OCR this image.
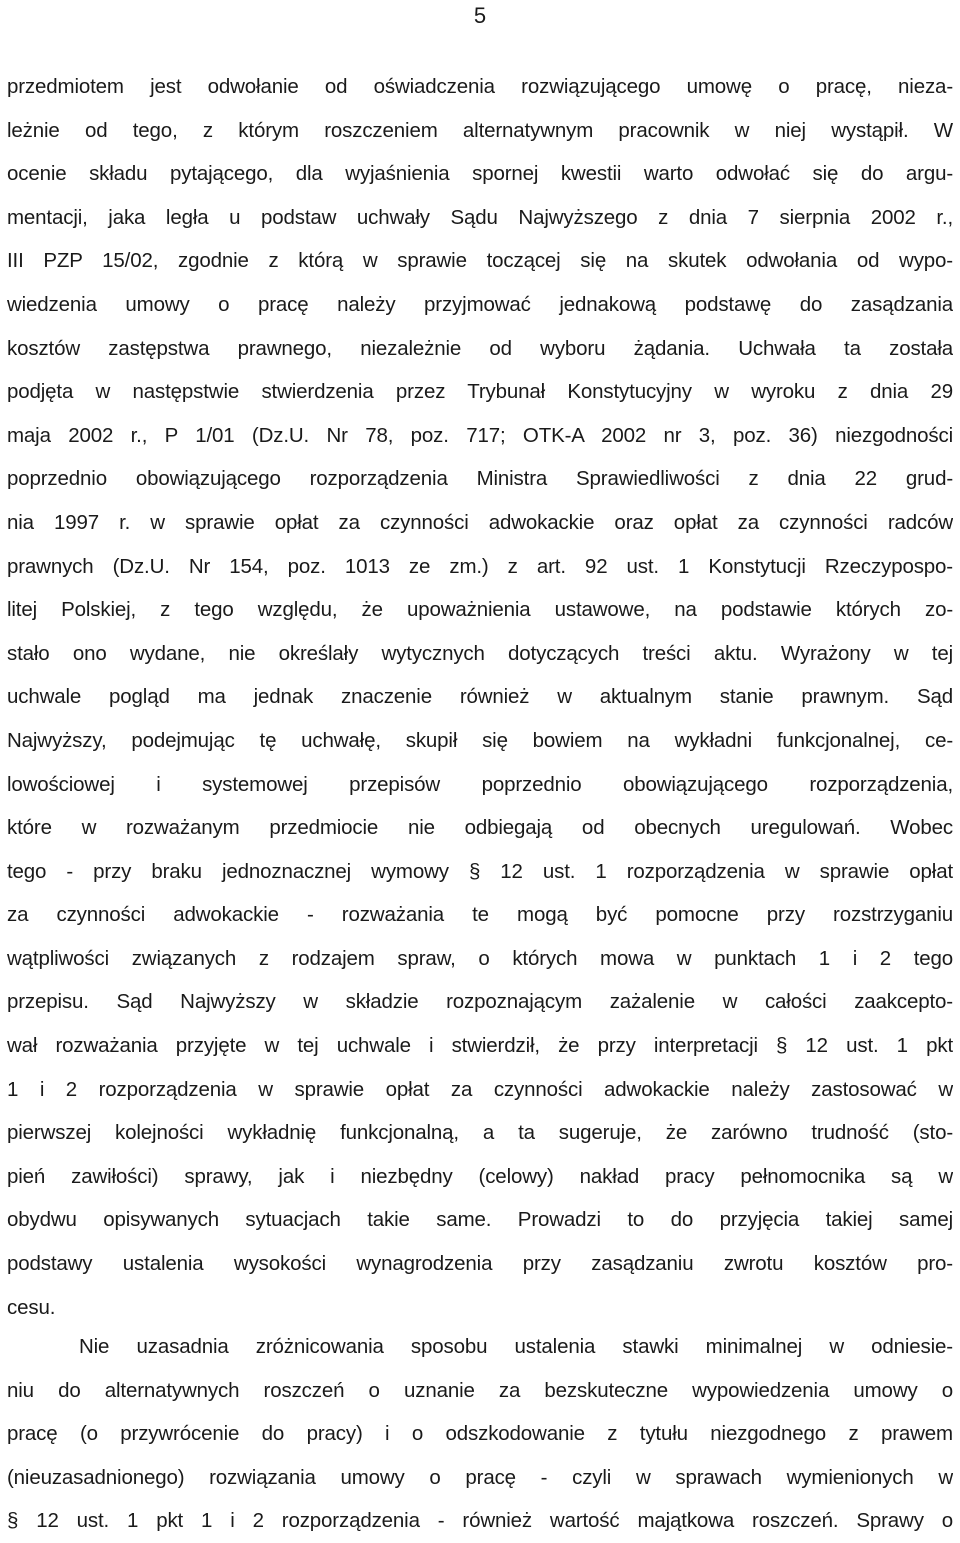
5
przedmiotem jest odwołanie od oświadczenia rozwiązującego umowę o pracę, nieza-
leżnie od tego, z którym roszczeniem alternatywnym pracownik w niej wystąpił. W
ocenie składu pytającego, dla wyjaśnienia spornej kwestii warto odwołać się do argu-
mentacji, jaka legła u podstaw uchwały Sądu Najwyższego z dnia 7 sierpnia 2002 r.,
III PZP 15/02, zgodnie z którą w sprawie toczącej się na skutek odwołania od wypo-
wiedzenia umowy o pracę należy przyjmować jednakową podstawę do zasądzania
kosztów zastępstwa prawnego, niezależnie od wyboru żądania. Uchwała ta została
podjęta w następstwie stwierdzenia przez Trybunał Konstytucyjny w wyroku z dnia 29
maja 2002 r., P 1/01 (Dz.U. Nr 78, poz. 717; OTK-A 2002 nr 3, poz. 36) niezgodności
poprzednio obowiązującego rozporządzenia Ministra Sprawiedliwości z dnia 22 grud-
nia 1997 r. w sprawie opłat za czynności adwokackie oraz opłat za czynności radców
prawnych (Dz.U. Nr 154, poz. 1013 ze zm.) z art. 92 ust. 1 Konstytucji Rzeczypospo-
litej Polskiej, z tego względu, że upoważnienia ustawowe, na podstawie których zo-
stało ono wydane, nie określały wytycznych dotyczących treści aktu. Wyrażony w tej
uchwale pogląd ma jednak znaczenie również w aktualnym stanie prawnym. Sąd
Najwyższy, podejmując tę uchwałę, skupił się bowiem na wykładni funkcjonalnej, ce-
lowościowej i systemowej przepisów poprzednio obowiązującego rozporządzenia,
które w rozważanym przedmiocie nie odbiegają od obecnych uregulowań. Wobec
tego - przy braku jednoznacznej wymowy § 12 ust. 1 rozporządzenia w sprawie opłat
za czynności adwokackie - rozważania te mogą być pomocne przy rozstrzyganiu
wątpliwości związanych z rodzajem spraw, o których mowa w punktach 1 i 2 tego
przepisu. Sąd Najwyższy w składzie rozpoznającym zażalenie w całości zaakcepto-
wał rozważania przyjęte w tej uchwale i stwierdził, że przy interpretacji § 12 ust. 1 pkt
1 i 2 rozporządzenia w sprawie opłat za czynności adwokackie należy zastosować w
pierwszej kolejności wykładnię funkcjonalną, a ta sugeruje, że zarówno trudność (sto-
pień zawiłości) sprawy, jak i niezbędny (celowy) nakład pracy pełnomocnika są w
obydwu opisywanych sytuacjach takie same. Prowadzi to do przyjęcia takiej samej
podstawy ustalenia wysokości wynagrodzenia przy zasądzaniu zwrotu kosztów pro-
cesu.
Nie uzasadnia zróżnicowania sposobu ustalenia stawki minimalnej w odniesie-
niu do alternatywnych roszczeń o uznanie za bezskuteczne wypowiedzenia umowy o
pracę (o przywrócenie do pracy) i o odszkodowanie z tytułu niezgodnego z prawem
(nieuzasadnionego) rozwiązania umowy o pracę - czyli w sprawach wymienionych w
§ 12 ust. 1 pkt 1 i 2 rozporządzenia - również wartość majątkowa roszczeń. Sprawy o
